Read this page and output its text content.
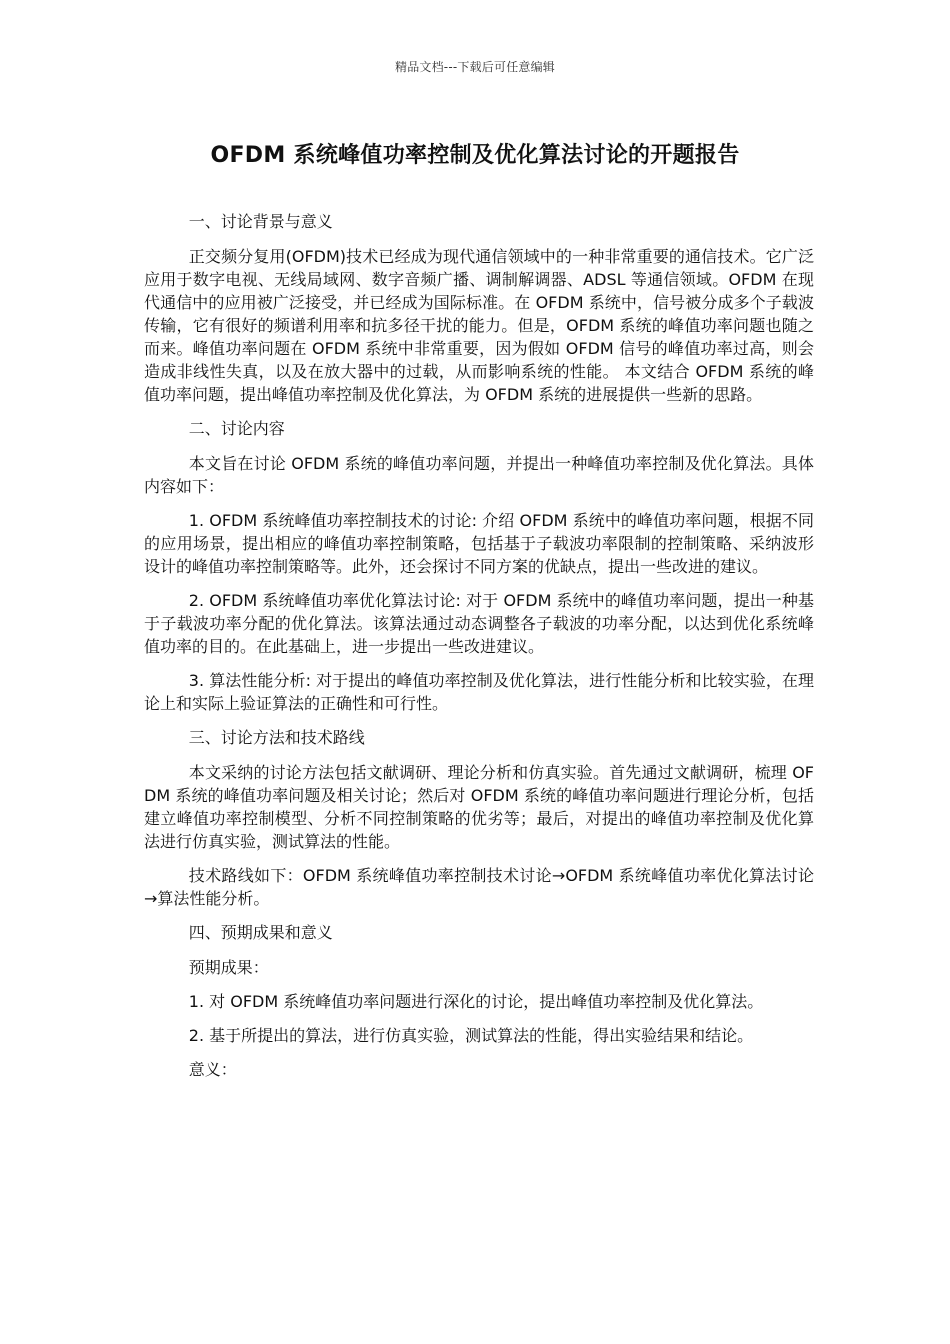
精品文档---下载后可任意编辑
OFDM 系统峰值功率控制及优化算法讨论的开题报告

一、讨论背景与意义

正交频分复用(OFDM)技术已经成为现代通信领域中的一种非常重要的通信技术。它广泛应用于数字电视、无线局域网、数字音频广播、调制解调器、ADSL 等通信领域。OFDM 在现代通信中的应用被广泛接受，并已经成为国际标准。在 OFDM 系统中，信号被分成多个子载波传输，它有很好的频谱利用率和抗多径干扰的能力。但是，OFDM 系统的峰值功率问题也随之而来。峰值功率问题在 OFDM 系统中非常重要，因为假如 OFDM 信号的峰值功率过高，则会造成非线性失真，以及在放大器中的过载，从而影响系统的性能。 本文结合 OFDM 系统的峰值功率问题，提出峰值功率控制及优化算法，为 OFDM 系统的进展提供一些新的思路。

二、讨论内容

本文旨在讨论 OFDM 系统的峰值功率问题，并提出一种峰值功率控制及优化算法。具体内容如下：

1. OFDM 系统峰值功率控制技术的讨论: 介绍 OFDM 系统中的峰值功率问题，根据不同的应用场景，提出相应的峰值功率控制策略，包括基于子载波功率限制的控制策略、采纳波形设计的峰值功率控制策略等。此外，还会探讨不同方案的优缺点，提出一些改进的建议。

2. OFDM 系统峰值功率优化算法讨论: 对于 OFDM 系统中的峰值功率问题，提出一种基于子载波功率分配的优化算法。该算法通过动态调整各子载波的功率分配，以达到优化系统峰值功率的目的。在此基础上，进一步提出一些改进建议。

3. 算法性能分析: 对于提出的峰值功率控制及优化算法，进行性能分析和比较实验，在理论上和实际上验证算法的正确性和可行性。

三、讨论方法和技术路线

本文采纳的讨论方法包括文献调研、理论分析和仿真实验。首先通过文献调研，梳理 OFDM 系统的峰值功率问题及相关讨论；然后对 OFDM 系统的峰值功率问题进行理论分析，包括建立峰值功率控制模型、分析不同控制策略的优劣等；最后，对提出的峰值功率控制及优化算法进行仿真实验，测试算法的性能。

技术路线如下：OFDM 系统峰值功率控制技术讨论→OFDM 系统峰值功率优化算法讨论→算法性能分析。

四、预期成果和意义

预期成果：

1. 对 OFDM 系统峰值功率问题进行深化的讨论，提出峰值功率控制及优化算法。

2. 基于所提出的算法，进行仿真实验，测试算法的性能，得出实验结果和结论。

意义：
